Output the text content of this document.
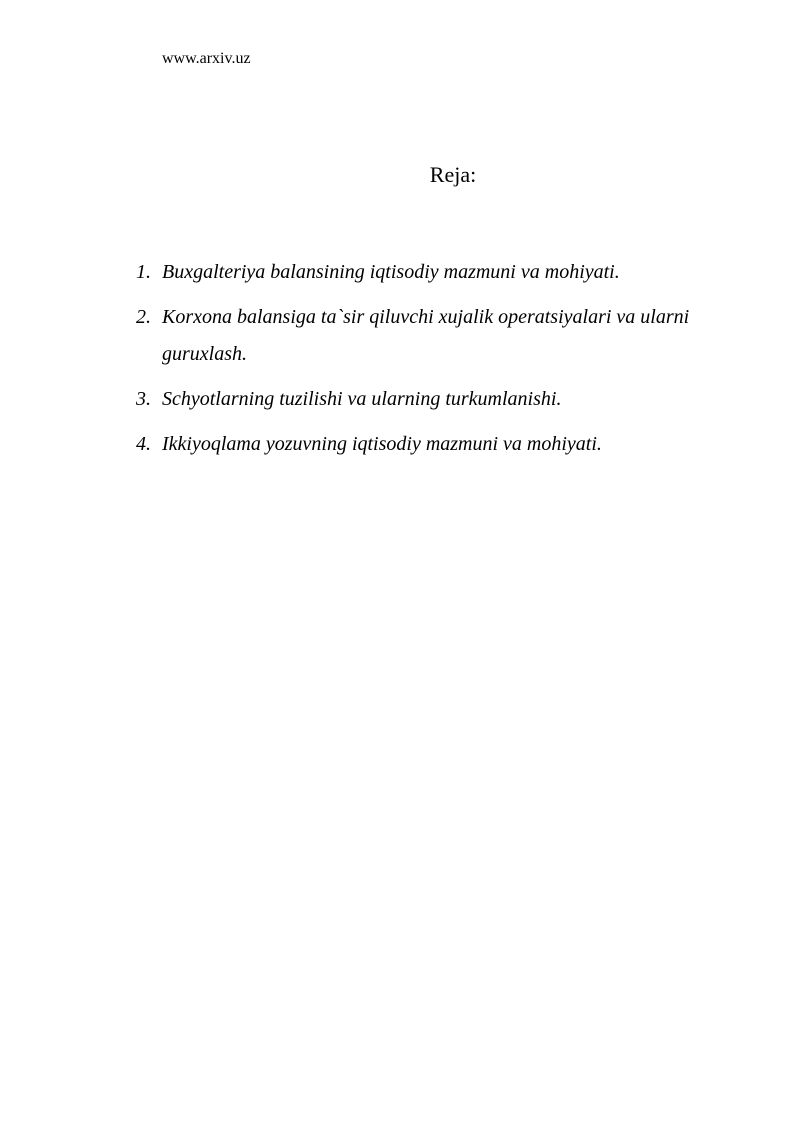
www.arxiv.uz
Reja:
1. Buxgalteriya balansining iqtisodiy mazmuni va mohiyati.
2. Korxona balansiga ta`sir qiluvchi xujalik operatsiyalari va ularni guruxlash.
3. Schyotlarning tuzilishi va ularning turkumlanishi.
4. Ikkiyoqlama yozuvning iqtisodiy mazmuni va mohiyati.
